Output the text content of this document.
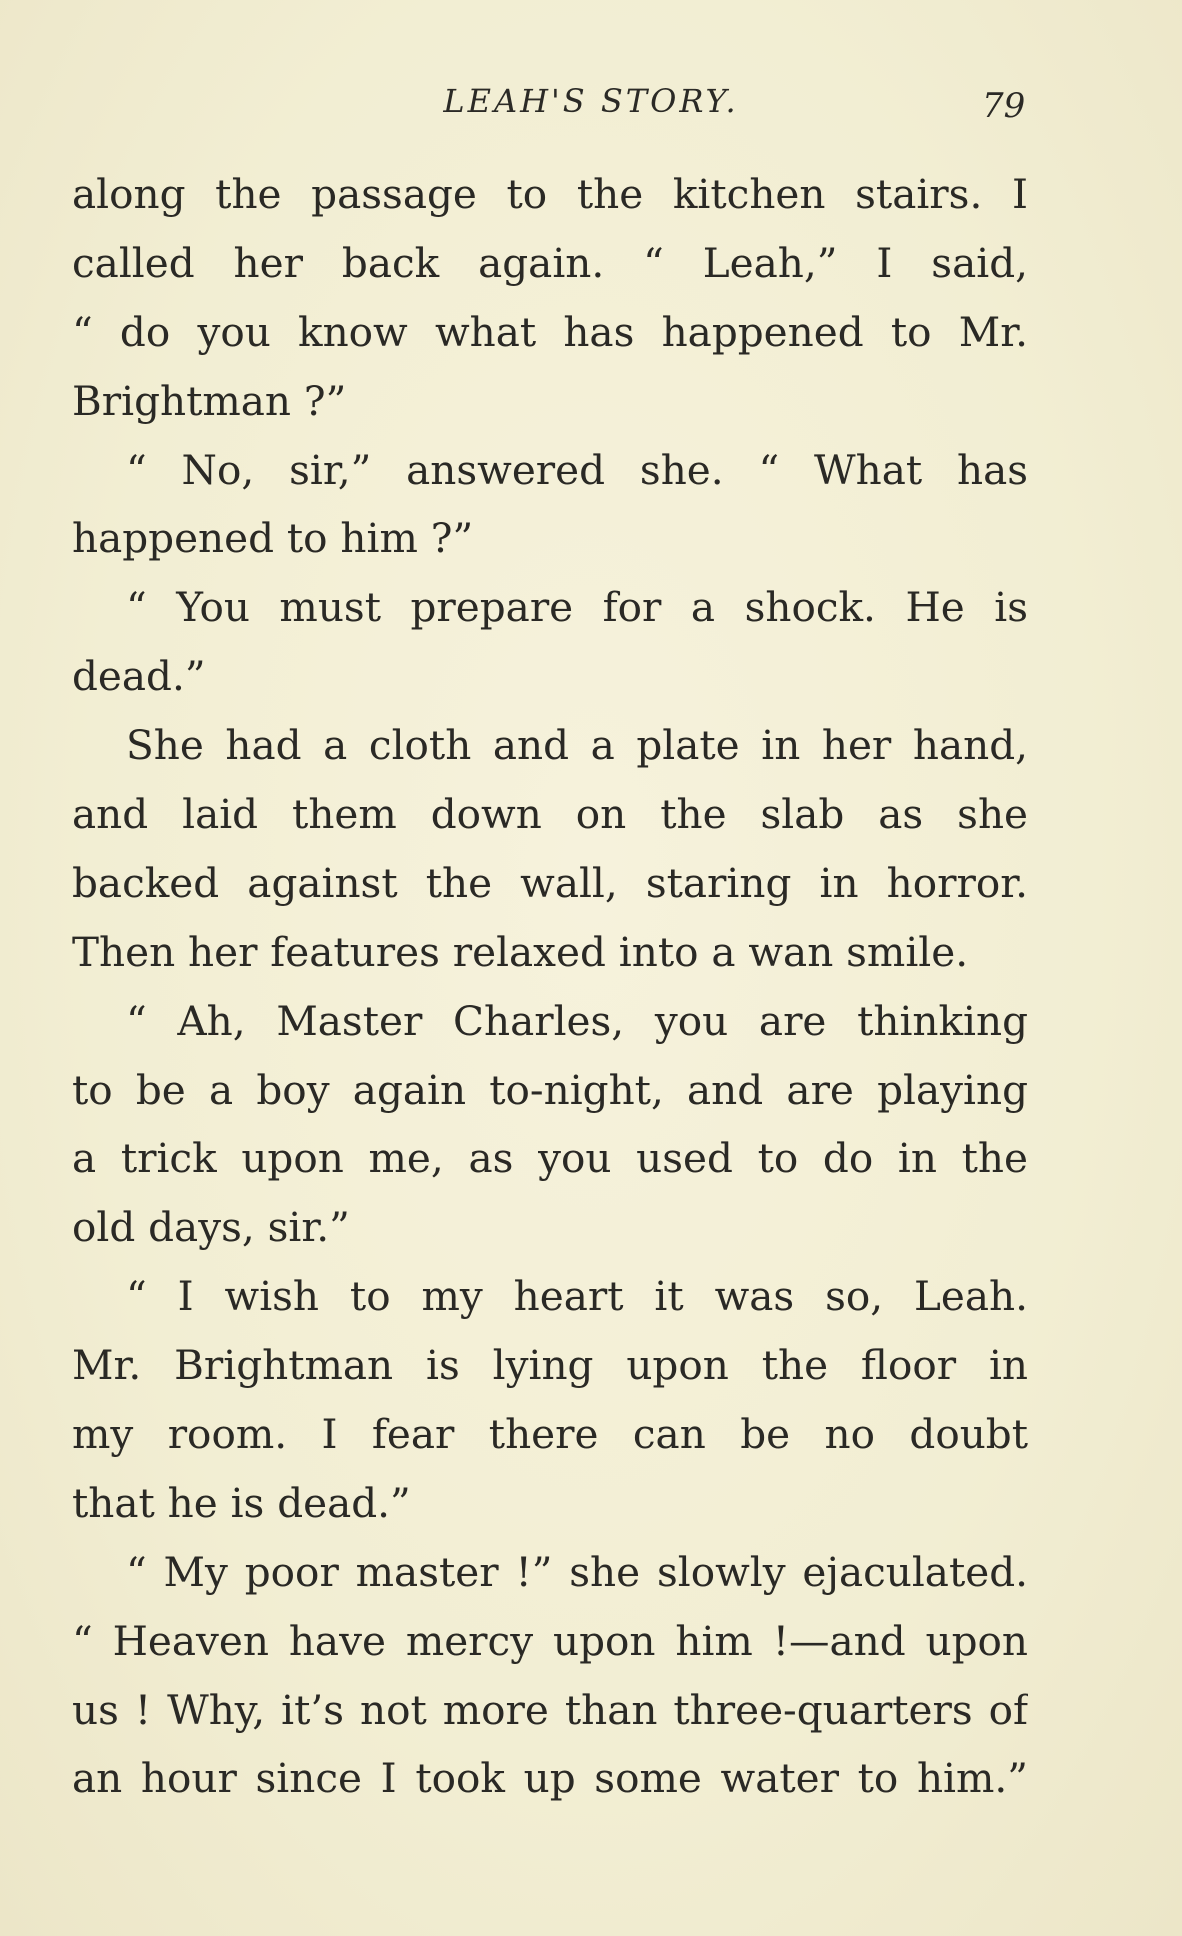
LEAH'S STORY.	79
along the passage to the kitchen stairs. I
called her back again. “ Leah,” I said,
“ do you know what has happened to Mr.
Brightman ?”
“ No, sir,” answered she. “ What has
happened to him ?”
“ You must prepare for a shock. He is
dead.”
She had a cloth and a plate in her hand,
and laid them down on the slab as she
backed against the wall, staring in horror.
Then her features relaxed into a wan smile.
“ Ah, Master Charles, you are thinking
to be a boy again to-night, and are playing
a trick upon me, as you used to do in the
old days, sir.”
“ I wish to my heart it was so, Leah.
Mr. Brightman is lying upon the floor in
my room. I fear there can be no doubt
that he is dead.”
“ My poor master !” she slowly ejaculated.
“ Heaven have mercy upon him !—and upon
us ! Why, it’s not more than three-quarters of
an hour since I took up some water to him.”
